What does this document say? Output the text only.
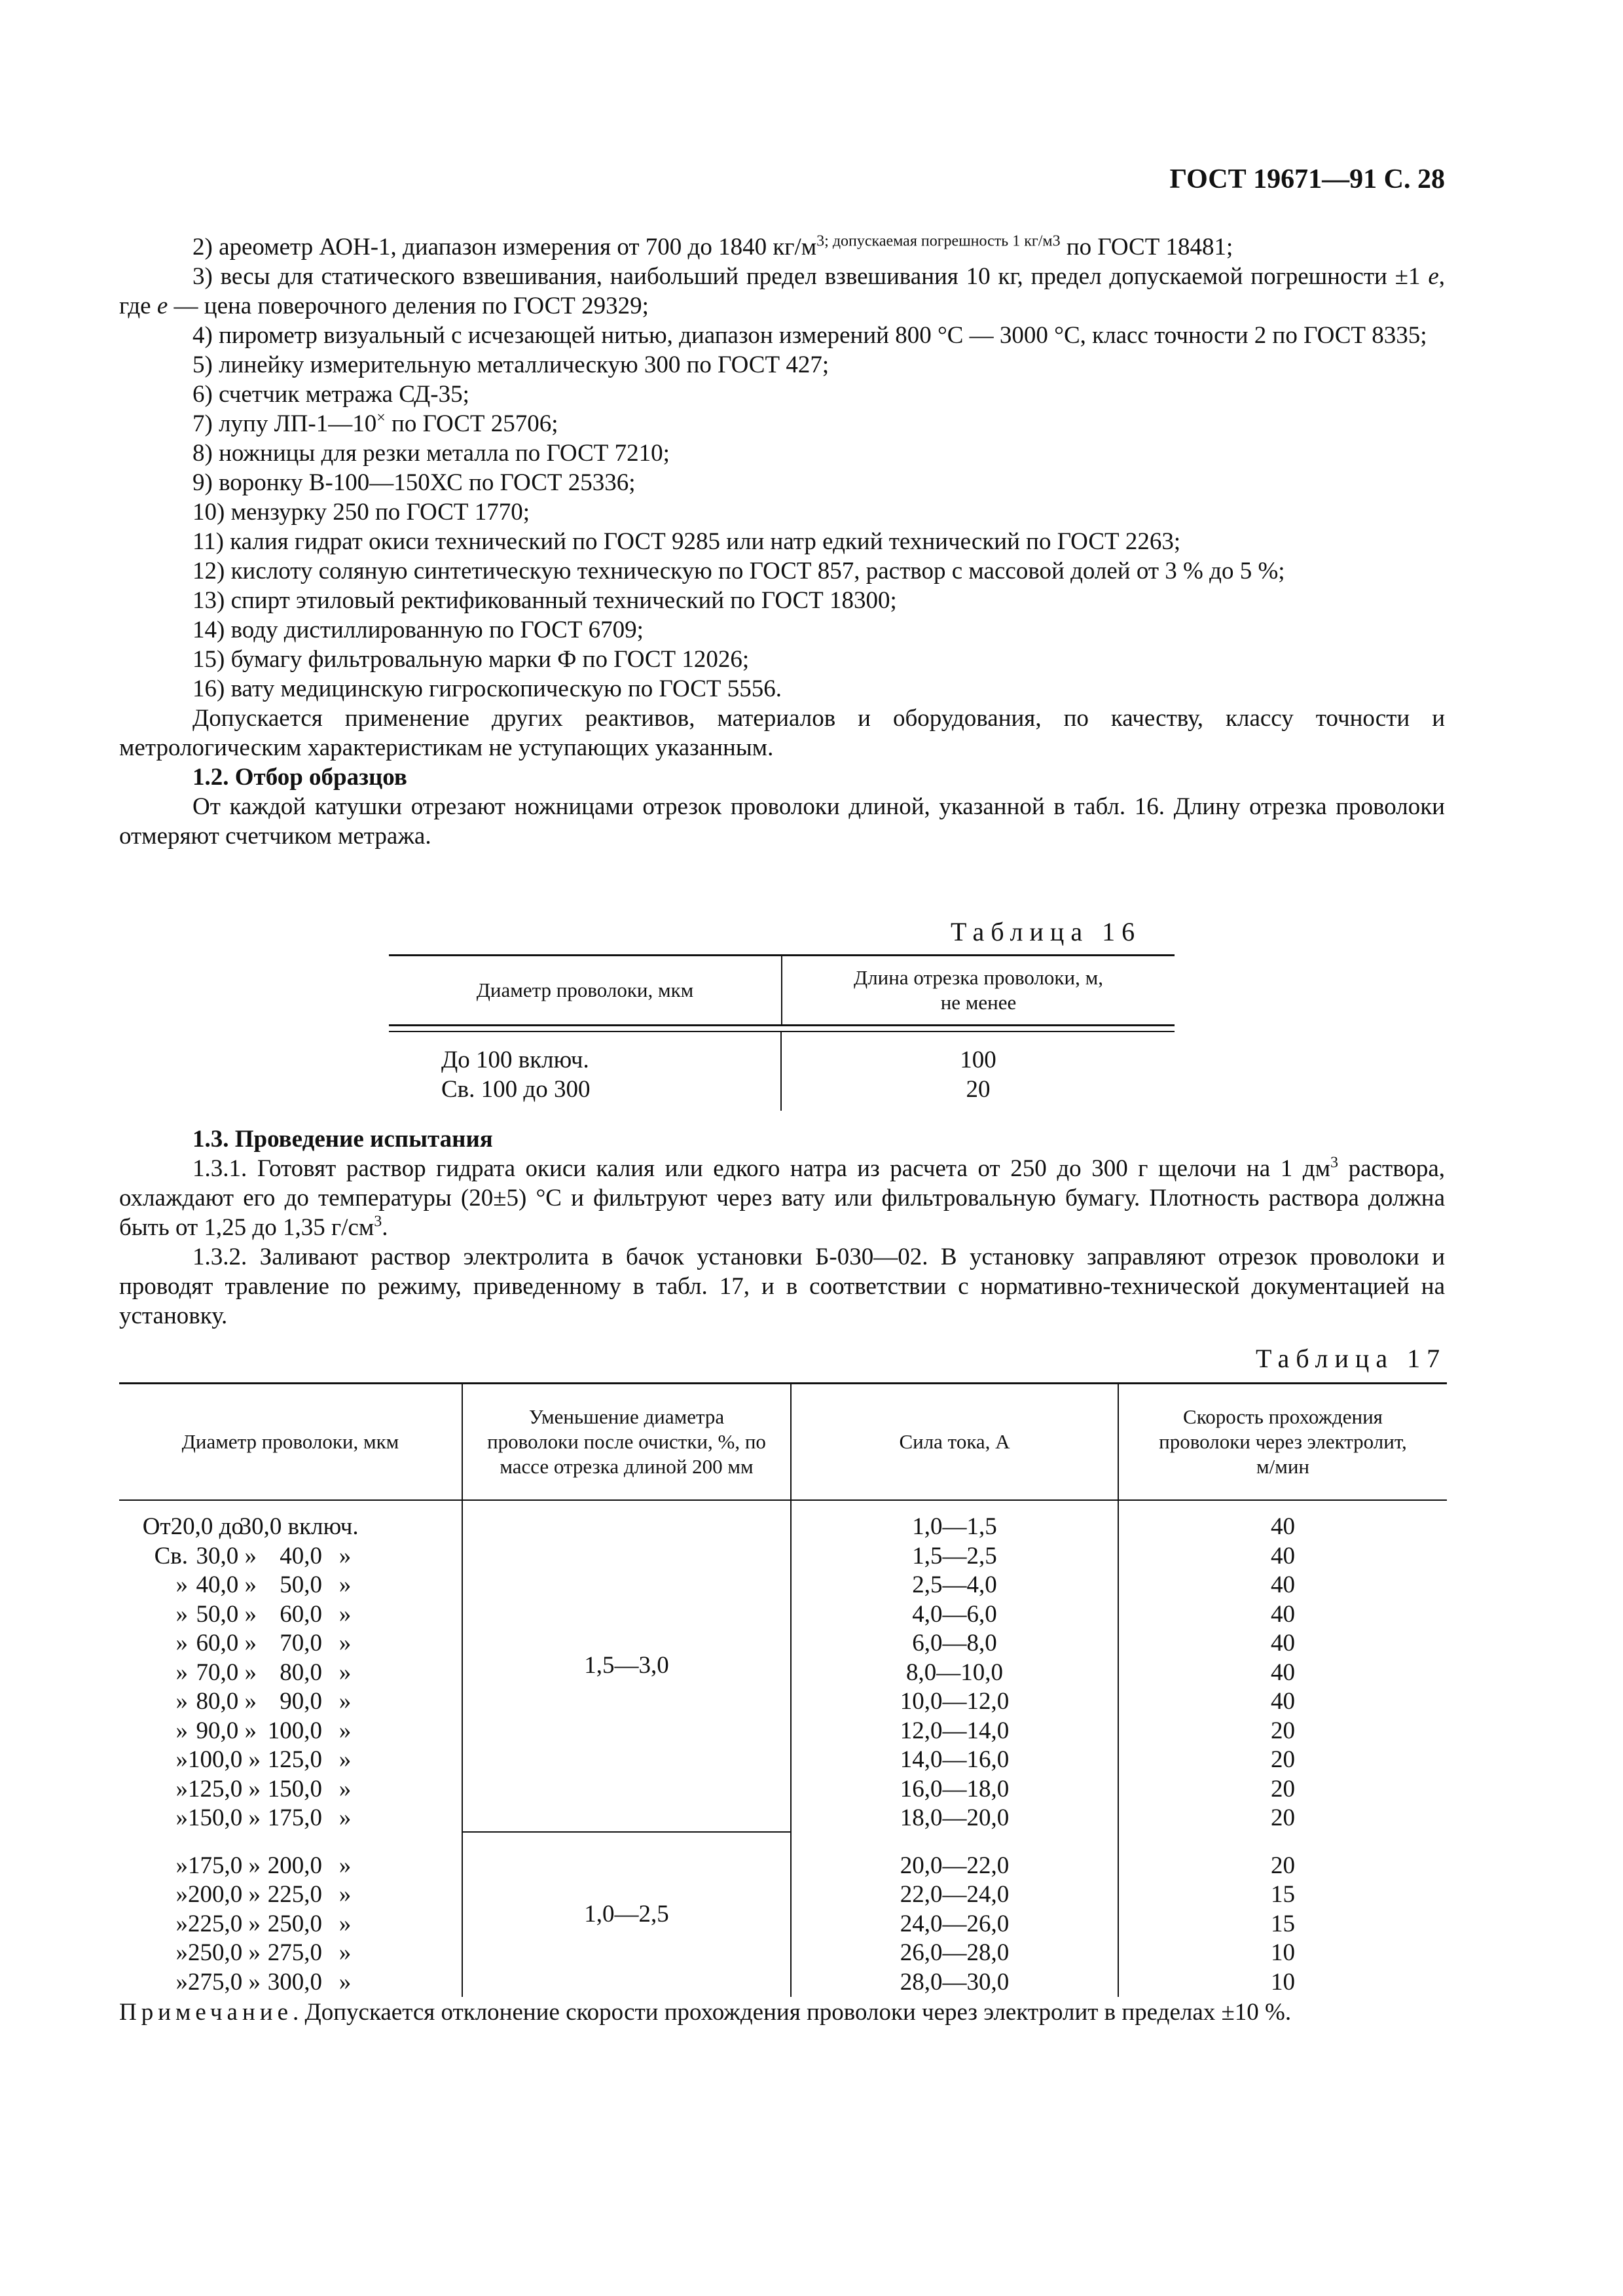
ГОСТ 19671—91 С. 28

2) ареометр АОН-1, диапазон измерения от 700 до 1840 $кг/м^{3; допускаемая погрешность 1 кг/м3}$ по ГОСТ 18481;

3) весы для статического взвешивания, наибольший предел взвешивания 10 кг, предел допускаемой погрешности ±1 e, где e — цена поверочного деления по ГОСТ 29329;

4) пирометр визуальный с исчезающей нитью, диапазон измерений 800 °С — 3000 °С, класс точности 2 по ГОСТ 8335;

5) линейку измерительную металлическую 300 по ГОСТ 427;

6) счетчик метража СД-35;

7) лупу ЛП-1—10× по ГОСТ 25706;

8) ножницы для резки металла по ГОСТ 7210;

9) воронку В-100—150ХС по ГОСТ 25336;

10) мензурку 250 по ГОСТ 1770;

11) калия гидрат окиси технический по ГОСТ 9285 или натр едкий технический по ГОСТ 2263;

12) кислоту соляную синтетическую техническую по ГОСТ 857, раствор с массовой долей от 3 % до 5 %;

13) спирт этиловый ректификованный технический по ГОСТ 18300;

14) воду дистиллированную по ГОСТ 6709;

15) бумагу фильтровальную марки Ф по ГОСТ 12026;

16) вату медицинскую гигроскопическую по ГОСТ 5556.

Допускается применение других реактивов, материалов и оборудования, по качеству, классу точности и метрологическим характеристикам не уступающих указанным.

1.2. Отбор образцов

От каждой катушки отрезают ножницами отрезок проволоки длиной, указанной в табл. 16. Длину отрезка проволоки отмеряют счетчиком метража.

Таблица 16
Диаметр проволоки, мкм
Длина отрезка проволоки, м,
не менее
До 100 включ.
Св. 100 до 300
100
20

1.3. Проведение испытания

1.3.1. Готовят раствор гидрата окиси калия или едкого натра из расчета от 250 до 300 г щелочи на 1 $дм^3$ раствора, охлаждают его до температуры (20±5) °С и фильтруют через вату или фильтровальную бумагу. Плотность раствора должна быть от 1,25 до 1,35 $г/см^3$.

1.3.2. Заливают раствор электролита в бачок установки Б-030—02. В установку заправляют отрезок проволоки и проводят травление по режиму, приведенному в табл. 17, и в соответствии с нормативно-технической документацией на установку.

Таблица 17
Диаметр проволоки, мкм
Уменьшение диаметра проволоки после очистки, %, по массе отрезка длиной 200 мм
Сила тока, А
Скорость прохождения проволоки через электролит, м/мин
От 20,0 до
30,0 включ.
Св. 30,0 » 40,0 »
» 40,0 » 50,0 »
» 50,0 » 60,0 »
» 60,0 » 70,0 »
» 70,0 » 80,0 »
» 80,0 » 90,0 »
» 90,0 » 100,0 »
» 100,0 » 125,0 »
» 125,0 » 150,0 »
» 150,0 » 175,0 »
» 175,0 » 200,0 »
» 200,0 » 225,0 »
» 225,0 » 250,0 »
» 250,0 » 275,0 »
» 275,0 » 300,0 »
1,5—3,0
1,0—2,5
1,0—1,5
1,5—2,5
2,5—4,0
4,0—6,0
6,0—8,0
8,0—10,0
10,0—12,0
12,0—14,0
14,0—16,0
16,0—18,0
18,0—20,0
20,0—22,0
22,0—24,0
24,0—26,0
26,0—28,0
28,0—30,0
40
40
40
40
40
40
40
20
20
20
20
20
15
15
10
10
Примечание. Допускается отклонение скорости прохождения проволоки через электролит в пределах ±10 %.
